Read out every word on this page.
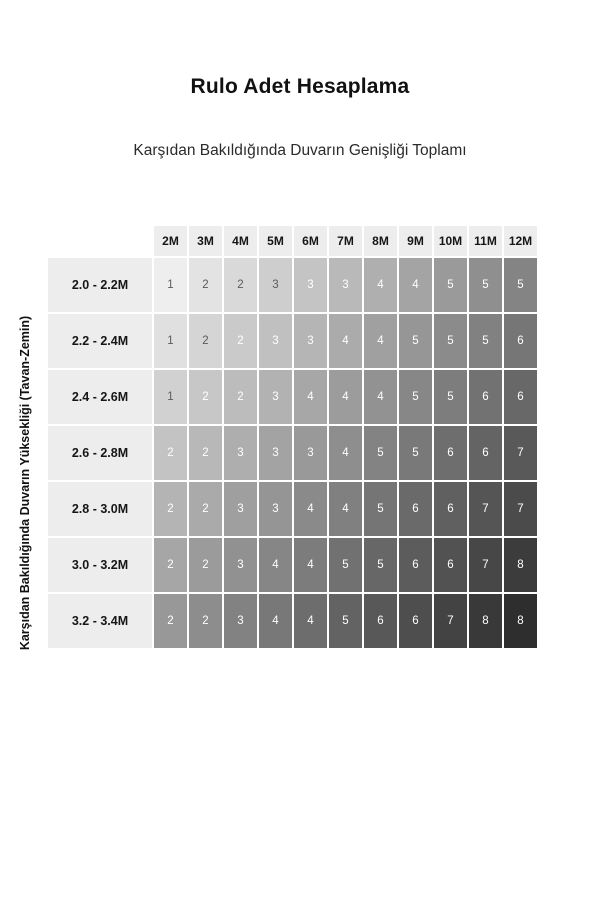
Rulo Adet Hesaplama
Karşıdan Bakıldığında Duvarın Genişliği Toplamı
Karşıdan Bakıldığında Duvarın Yüksekliği (Tavan-Zemin)
	2M	3M	4M	5M	6M	7M	8M	9M	10M	11M	12M
2.0 - 2.2M	1	2	2	3	3	3	4	4	5	5	5
2.2 - 2.4M	1	2	2	3	3	4	4	5	5	5	6
2.4 - 2.6M	1	2	2	3	4	4	4	5	5	6	6
2.6 - 2.8M	2	2	3	3	3	4	5	5	6	6	7
2.8 - 3.0M	2	2	3	3	4	4	5	6	6	7	7
3.0 - 3.2M	2	2	3	4	4	5	5	6	6	7	8
3.2 - 3.4M	2	2	3	4	4	5	6	6	7	8	8
